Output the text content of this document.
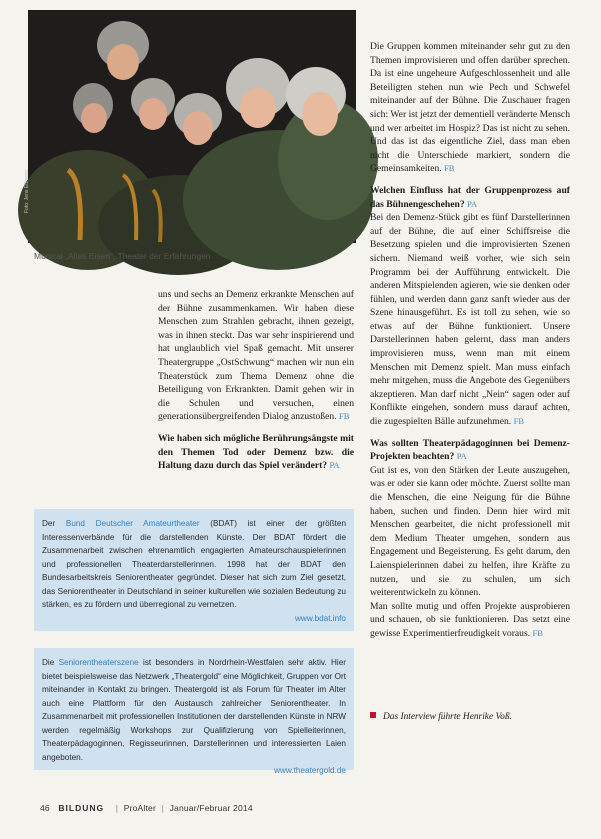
Foto: Jens Eßmeier
Musical „Alles Eisen“, Theater der Erfahrungen

uns und sechs an Demenz erkrankte Menschen auf der Bühne zusammenkamen. Wir haben diese Menschen zum Strahlen gebracht, ihnen gezeigt, was in ihnen steckt. Das war sehr inspirierend und hat unglaublich viel Spaß gemacht. Mit unserer Theatergruppe „OstSchwung“ machen wir nun ein Theaterstück zum Thema Demenz ohne die Beteiligung von Erkrankten. Damit gehen wir in die Schulen und versuchen, einen generationsübergreifenden Dialog anzustoßen. FB

Wie haben sich mögliche Berührungsängste mit den Themen Tod oder Demenz bzw. die Haltung dazu durch das Spiel verändert? PA

Die Gruppen kommen miteinander sehr gut zu den Themen improvisieren und offen darüber sprechen. Da ist eine ungeheure Aufgeschlossenheit und alle Beteiligten stehen nun wie Pech und Schwefel miteinander auf der Bühne. Die Zuschauer fragen sich: Wer ist jetzt der dementiell veränderte Mensch und wer arbeitet im Hospiz? Das ist nicht zu sehen. Und das ist das eigentliche Ziel, dass man eben nicht die Unterschiede markiert, sondern die Gemeinsamkeiten. FB

Welchen Einfluss hat der Gruppenprozess auf das Bühnengeschehen? PA

Bei den Demenz-Stück gibt es fünf Darstellerinnen auf der Bühne, die auf einer Schiffsreise die Besetzung spielen und die improvisierten Szenen sichern. Niemand weiß vorher, wie sich sein Programm bei der Aufführung entwickelt. Die anderen Mitspielenden agieren, wie sie denken oder fühlen, und werden dann ganz sanft wieder aus der Szene hinausgeführt. Es ist toll zu sehen, wie so etwas auf der Bühne funktioniert. Unsere Darstellerinnen haben gelernt, dass man anders improvisieren muss, wenn man mit einem Menschen mit Demenz spielt. Man muss einfach mehr mitgehen, muss die Angebote des Gegenübers akzeptieren. Man darf nicht „Nein“ sagen oder auf Konflikte eingehen, sondern muss darauf achten, die zugespielten Bälle aufzunehmen. FB

Was sollten Theaterpädagoginnen bei Demenz-Projekten beachten? PA

Gut ist es, von den Stärken der Leute auszugehen, was er oder sie kann oder möchte. Zuerst sollte man die Menschen, die eine Neigung für die Bühne haben, suchen und finden. Denn hier wird mit Menschen gearbeitet, die nicht professionell mit dem Medium Theater umgehen, sondern aus Engagement und Begeisterung. Es geht darum, den Laienspielerinnen dabei zu helfen, ihre Kräfte zu nutzen, und sie zu schulen, um sich weiterentwickeln zu können.

Man sollte mutig und offen Projekte ausprobieren und schauen, ob sie funktionieren. Das setzt eine gewisse Experimentierfreudigkeit voraus. FB

Das Interview führte Henrike Voß.
Der Bund Deutscher Amateurtheater (BDAT) ist einer der größten Interessenverbände für die darstellenden Künste. Der BDAT fördert die Zusammenarbeit zwischen ehrenamtlich engagierten Amateurschauspielerinnen und professionellen Theaterdarstellerinnen. 1998 hat der BDAT den Bundesarbeitskreis Seniorentheater gegründet. Dieser hat sich zum Ziel gesetzt, das Seniorentheater in Deutschland in seiner kulturellen wie sozialen Bedeutung zu stärken, es zu fördern und überregional zu vernetzen.
www.bdat.info
Die Seniorentheaterszene ist besonders in Nordrhein-Westfalen sehr aktiv. Hier bietet beispielsweise das Netzwerk „Theatergold“ eine Möglichkeit, Gruppen vor Ort miteinander in Kontakt zu bringen. Theatergold ist als Forum für Theater im Alter auch eine Plattform für den Austausch zahlreicher Seniorentheater. In Zusammenarbeit mit professionellen Institutionen der darstellenden Künste in NRW werden regelmäßig Workshops zur Qualifizierung von Spielleiterinnen, Theaterpädagoginnen, Regisseurinnen, Darstellerinnen und interessierten Laien angeboten.
www.theatergold.de
46 BILDUNG | ProAlter | Januar/Februar 2014
